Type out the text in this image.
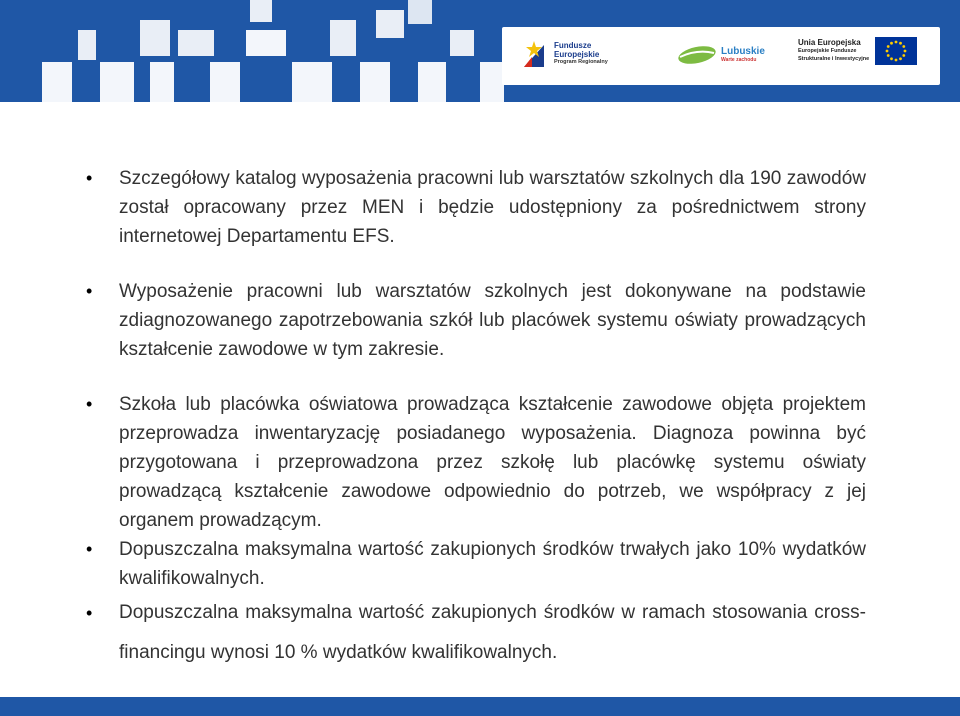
Fundusze
Europejskie
Program Regionalny
Lubuskie
Warte zachodu
Unia Europejska
Europejskie Fundusze
Strukturalne i Inwestycyjne
• Szczegółowy katalog wyposażenia pracowni lub warsztatów szkolnych dla 190 zawodów został opracowany przez MEN i będzie udostępniony za pośrednictwem strony internetowej Departamentu EFS.
• Wyposażenie pracowni lub warsztatów szkolnych jest dokonywane na podstawie zdiagnozowanego zapotrzebowania szkół lub placówek systemu oświaty prowadzących kształcenie zawodowe w tym zakresie.
• Szkoła lub placówka oświatowa prowadząca kształcenie zawodowe objęta projektem przeprowadza inwentaryzację posiadanego wyposażenia. Diagnoza powinna być przygotowana i przeprowadzona przez szkołę lub placówkę systemu oświaty prowadzącą kształcenie zawodowe odpowiednio do potrzeb, we współpracy z jej organem prowadzącym.
• Dopuszczalna maksymalna wartość zakupionych środków trwałych jako 10% wydatków kwalifikowalnych.
• Dopuszczalna maksymalna wartość zakupionych środków w ramach stosowania cross-financingu wynosi 10 % wydatków kwalifikowalnych.
